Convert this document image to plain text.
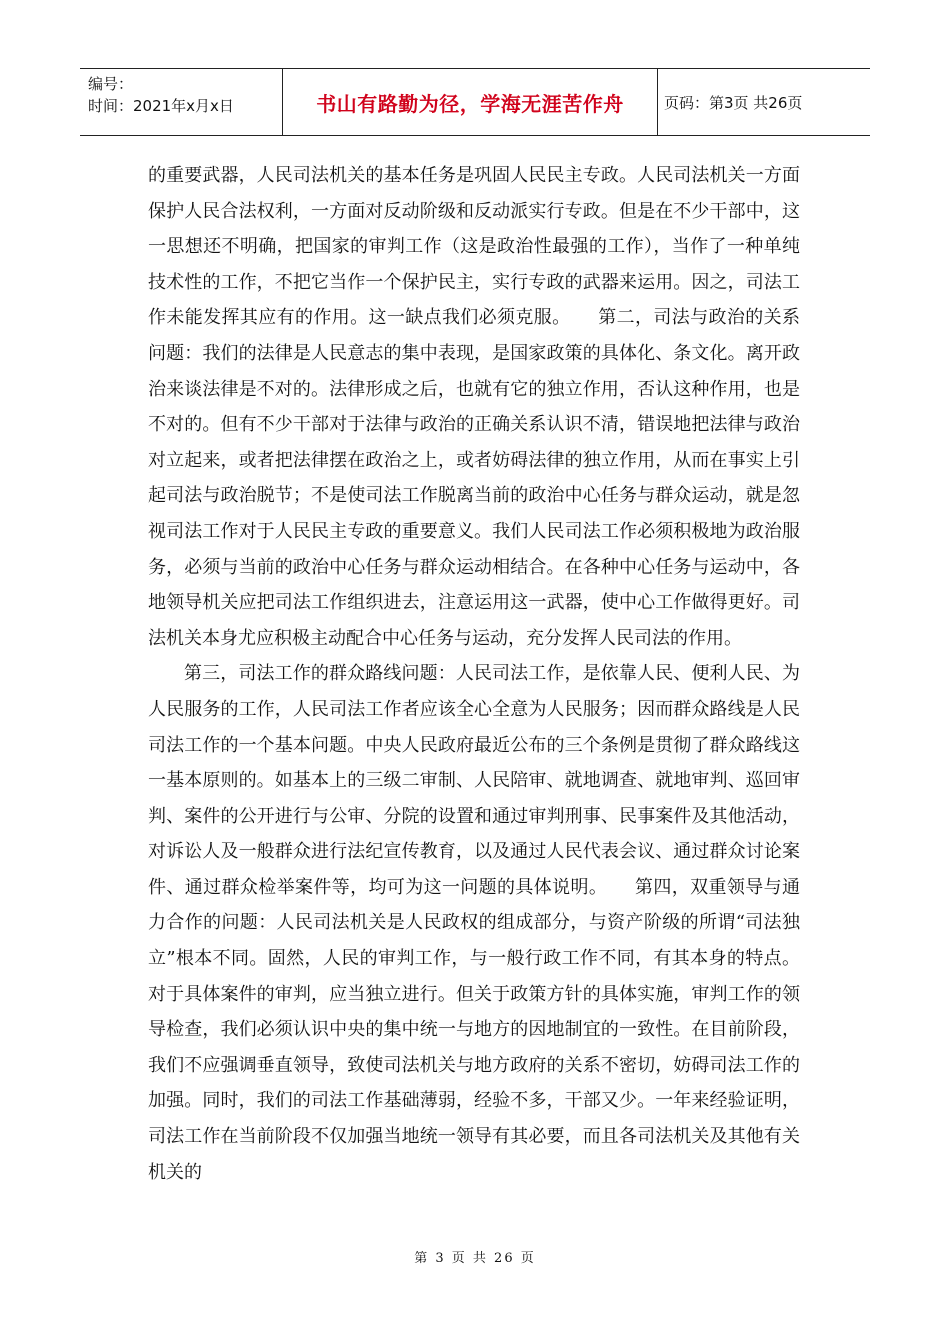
编号：
时间：2021年x月x日	书山有路勤为径，学海无涯苦作舟	页码：第3页 共26页

的重要武器，人民司法机关的基本任务是巩固人民民主专政。人民司法机关一方面保护人民合法权利，一方面对反动阶级和反动派实行专政。但是在不少干部中，这一思想还不明确，把国家的审判工作（这是政治性最强的工作），当作了一种单纯技术性的工作，不把它当作一个保护民主，实行专政的武器来运用。因之，司法工作未能发挥其应有的作用。这一缺点我们必须克服。　　第二，司法与政治的关系问题：我们的法律是人民意志的集中表现，是国家政策的具体化、条文化。离开政治来谈法律是不对的。法律形成之后，也就有它的独立作用，否认这种作用，也是不对的。但有不少干部对于法律与政治的正确关系认识不清，错误地把法律与政治对立起来，或者把法律摆在政治之上，或者妨碍法律的独立作用，从而在事实上引起司法与政治脱节；不是使司法工作脱离当前的政治中心任务与群众运动，就是忽视司法工作对于人民民主专政的重要意义。我们人民司法工作必须积极地为政治服务，必须与当前的政治中心任务与群众运动相结合。在各种中心任务与运动中，各地领导机关应把司法工作组织进去，注意运用这一武器，使中心工作做得更好。司法机关本身尤应积极主动配合中心任务与运动，充分发挥人民司法的作用。

第三，司法工作的群众路线问题：人民司法工作，是依靠人民、便利人民、为人民服务的工作，人民司法工作者应该全心全意为人民服务；因而群众路线是人民司法工作的一个基本问题。中央人民政府最近公布的三个条例是贯彻了群众路线这一基本原则的。如基本上的三级二审制、人民陪审、就地调查、就地审判、巡回审判、案件的公开进行与公审、分院的设置和通过审判刑事、民事案件及其他活动，对诉讼人及一般群众进行法纪宣传教育，以及通过人民代表会议、通过群众讨论案件、通过群众检举案件等，均可为这一问题的具体说明。　　第四，双重领导与通力合作的问题：人民司法机关是人民政权的组成部分，与资产阶级的所谓“司法独立”根本不同。固然，人民的审判工作，与一般行政工作不同，有其本身的特点。对于具体案件的审判，应当独立进行。但关于政策方针的具体实施，审判工作的领导检查，我们必须认识中央的集中统一与地方的因地制宜的一致性。在目前阶段，我们不应强调垂直领导，致使司法机关与地方政府的关系不密切，妨碍司法工作的加强。同时，我们的司法工作基础薄弱，经验不多，干部又少。一年来经验证明，司法工作在当前阶段不仅加强当地统一领导有其必要，而且各司法机关及其他有关机关的

第 3 页 共 26 页
